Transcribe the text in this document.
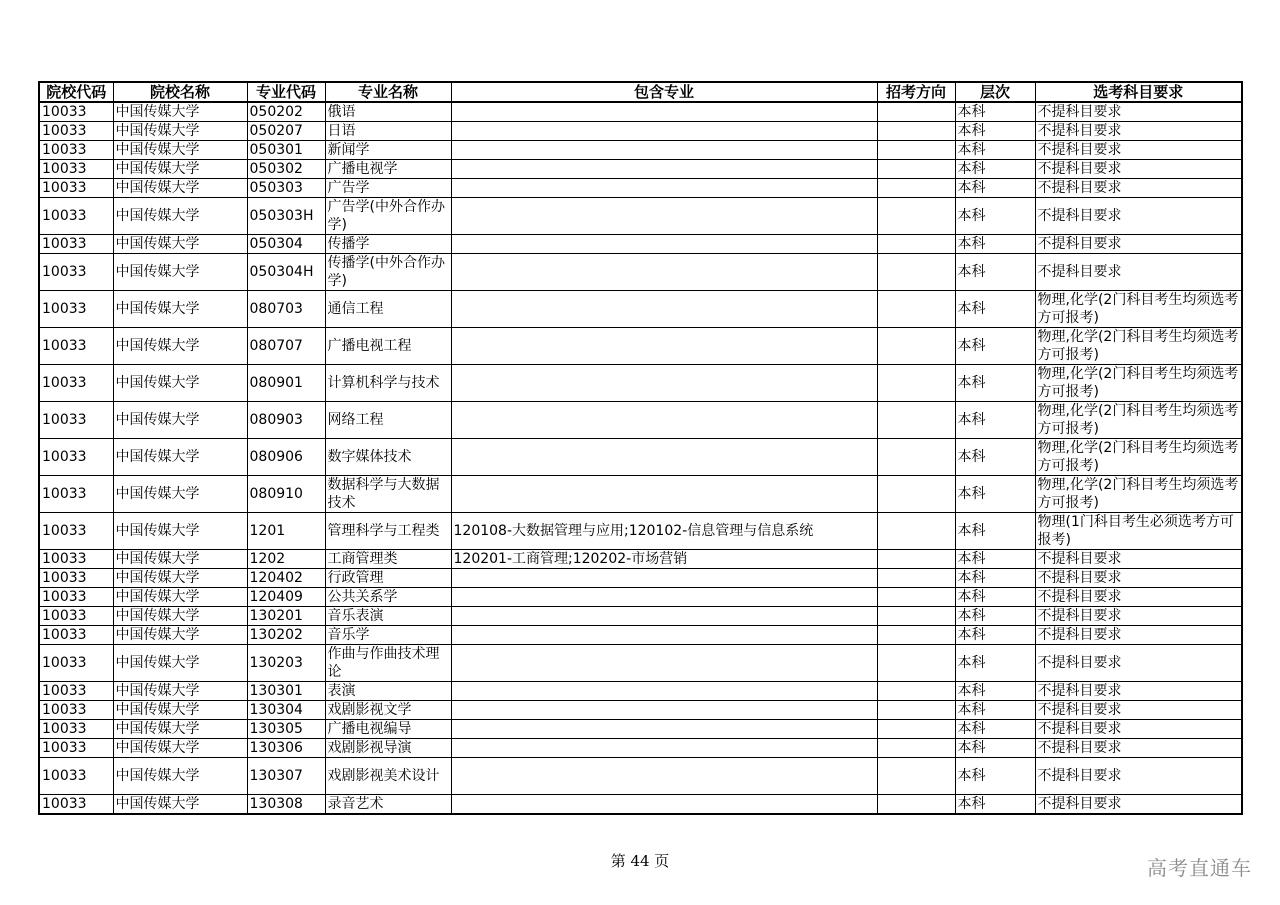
院校代码	院校名称	专业代码	专业名称	包含专业	招考方向	层次	选考科目要求
10033	中国传媒大学	050202	俄语			本科	不提科目要求
10033	中国传媒大学	050207	日语			本科	不提科目要求
10033	中国传媒大学	050301	新闻学			本科	不提科目要求
10033	中国传媒大学	050302	广播电视学			本科	不提科目要求
10033	中国传媒大学	050303	广告学			本科	不提科目要求
10033	中国传媒大学	050303H	广告学(中外合作办学)			本科	不提科目要求
10033	中国传媒大学	050304	传播学			本科	不提科目要求
10033	中国传媒大学	050304H	传播学(中外合作办学)			本科	不提科目要求
10033	中国传媒大学	080703	通信工程			本科	物理,化学(2门科目考生均须选考方可报考)
10033	中国传媒大学	080707	广播电视工程			本科	物理,化学(2门科目考生均须选考方可报考)
10033	中国传媒大学	080901	计算机科学与技术			本科	物理,化学(2门科目考生均须选考方可报考)
10033	中国传媒大学	080903	网络工程			本科	物理,化学(2门科目考生均须选考方可报考)
10033	中国传媒大学	080906	数字媒体技术			本科	物理,化学(2门科目考生均须选考方可报考)
10033	中国传媒大学	080910	数据科学与大数据技术			本科	物理,化学(2门科目考生均须选考方可报考)
10033	中国传媒大学	1201	管理科学与工程类	120108-大数据管理与应用;120102-信息管理与信息系统		本科	物理(1门科目考生必须选考方可报考)
10033	中国传媒大学	1202	工商管理类	120201-工商管理;120202-市场营销		本科	不提科目要求
10033	中国传媒大学	120402	行政管理			本科	不提科目要求
10033	中国传媒大学	120409	公共关系学			本科	不提科目要求
10033	中国传媒大学	130201	音乐表演			本科	不提科目要求
10033	中国传媒大学	130202	音乐学			本科	不提科目要求
10033	中国传媒大学	130203	作曲与作曲技术理论			本科	不提科目要求
10033	中国传媒大学	130301	表演			本科	不提科目要求
10033	中国传媒大学	130304	戏剧影视文学			本科	不提科目要求
10033	中国传媒大学	130305	广播电视编导			本科	不提科目要求
10033	中国传媒大学	130306	戏剧影视导演			本科	不提科目要求
10033	中国传媒大学	130307	戏剧影视美术设计			本科	不提科目要求
10033	中国传媒大学	130308	录音艺术			本科	不提科目要求
第 44 页	高考直通车
